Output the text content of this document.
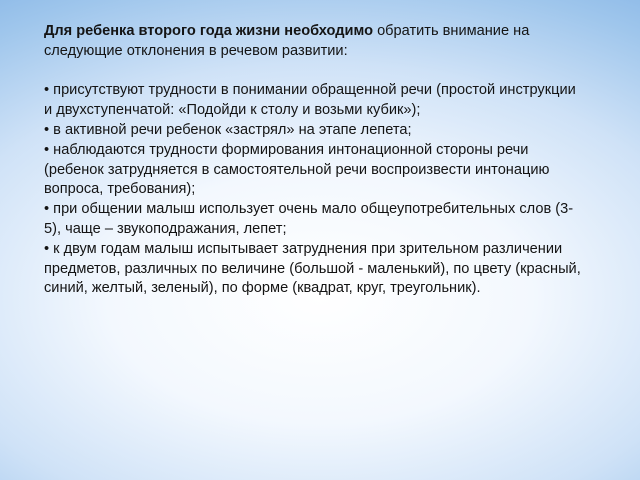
Для ребенка второго года жизни необходимо обратить внимание на следующие отклонения в речевом развитии:

• присутствуют трудности в понимании обращенной речи (простой инструкции и двухступенчатой: «Подойди к столу и возьми кубик»);

• в активной речи ребенок «застрял» на этапе лепета;

• наблюдаются трудности формирования интонационной стороны речи (ребенок затрудняется в самостоятельной речи воспроизвести интонацию вопроса, требования);

• при общении малыш использует очень мало общеупотребительных слов (3-5), чаще – звукоподражания, лепет;

• к двум годам малыш испытывает затруднения при зрительном различении предметов, различных по величине (большой - маленький), по цвету (красный, синий, желтый, зеленый), по форме (квадрат, круг, треугольник).
